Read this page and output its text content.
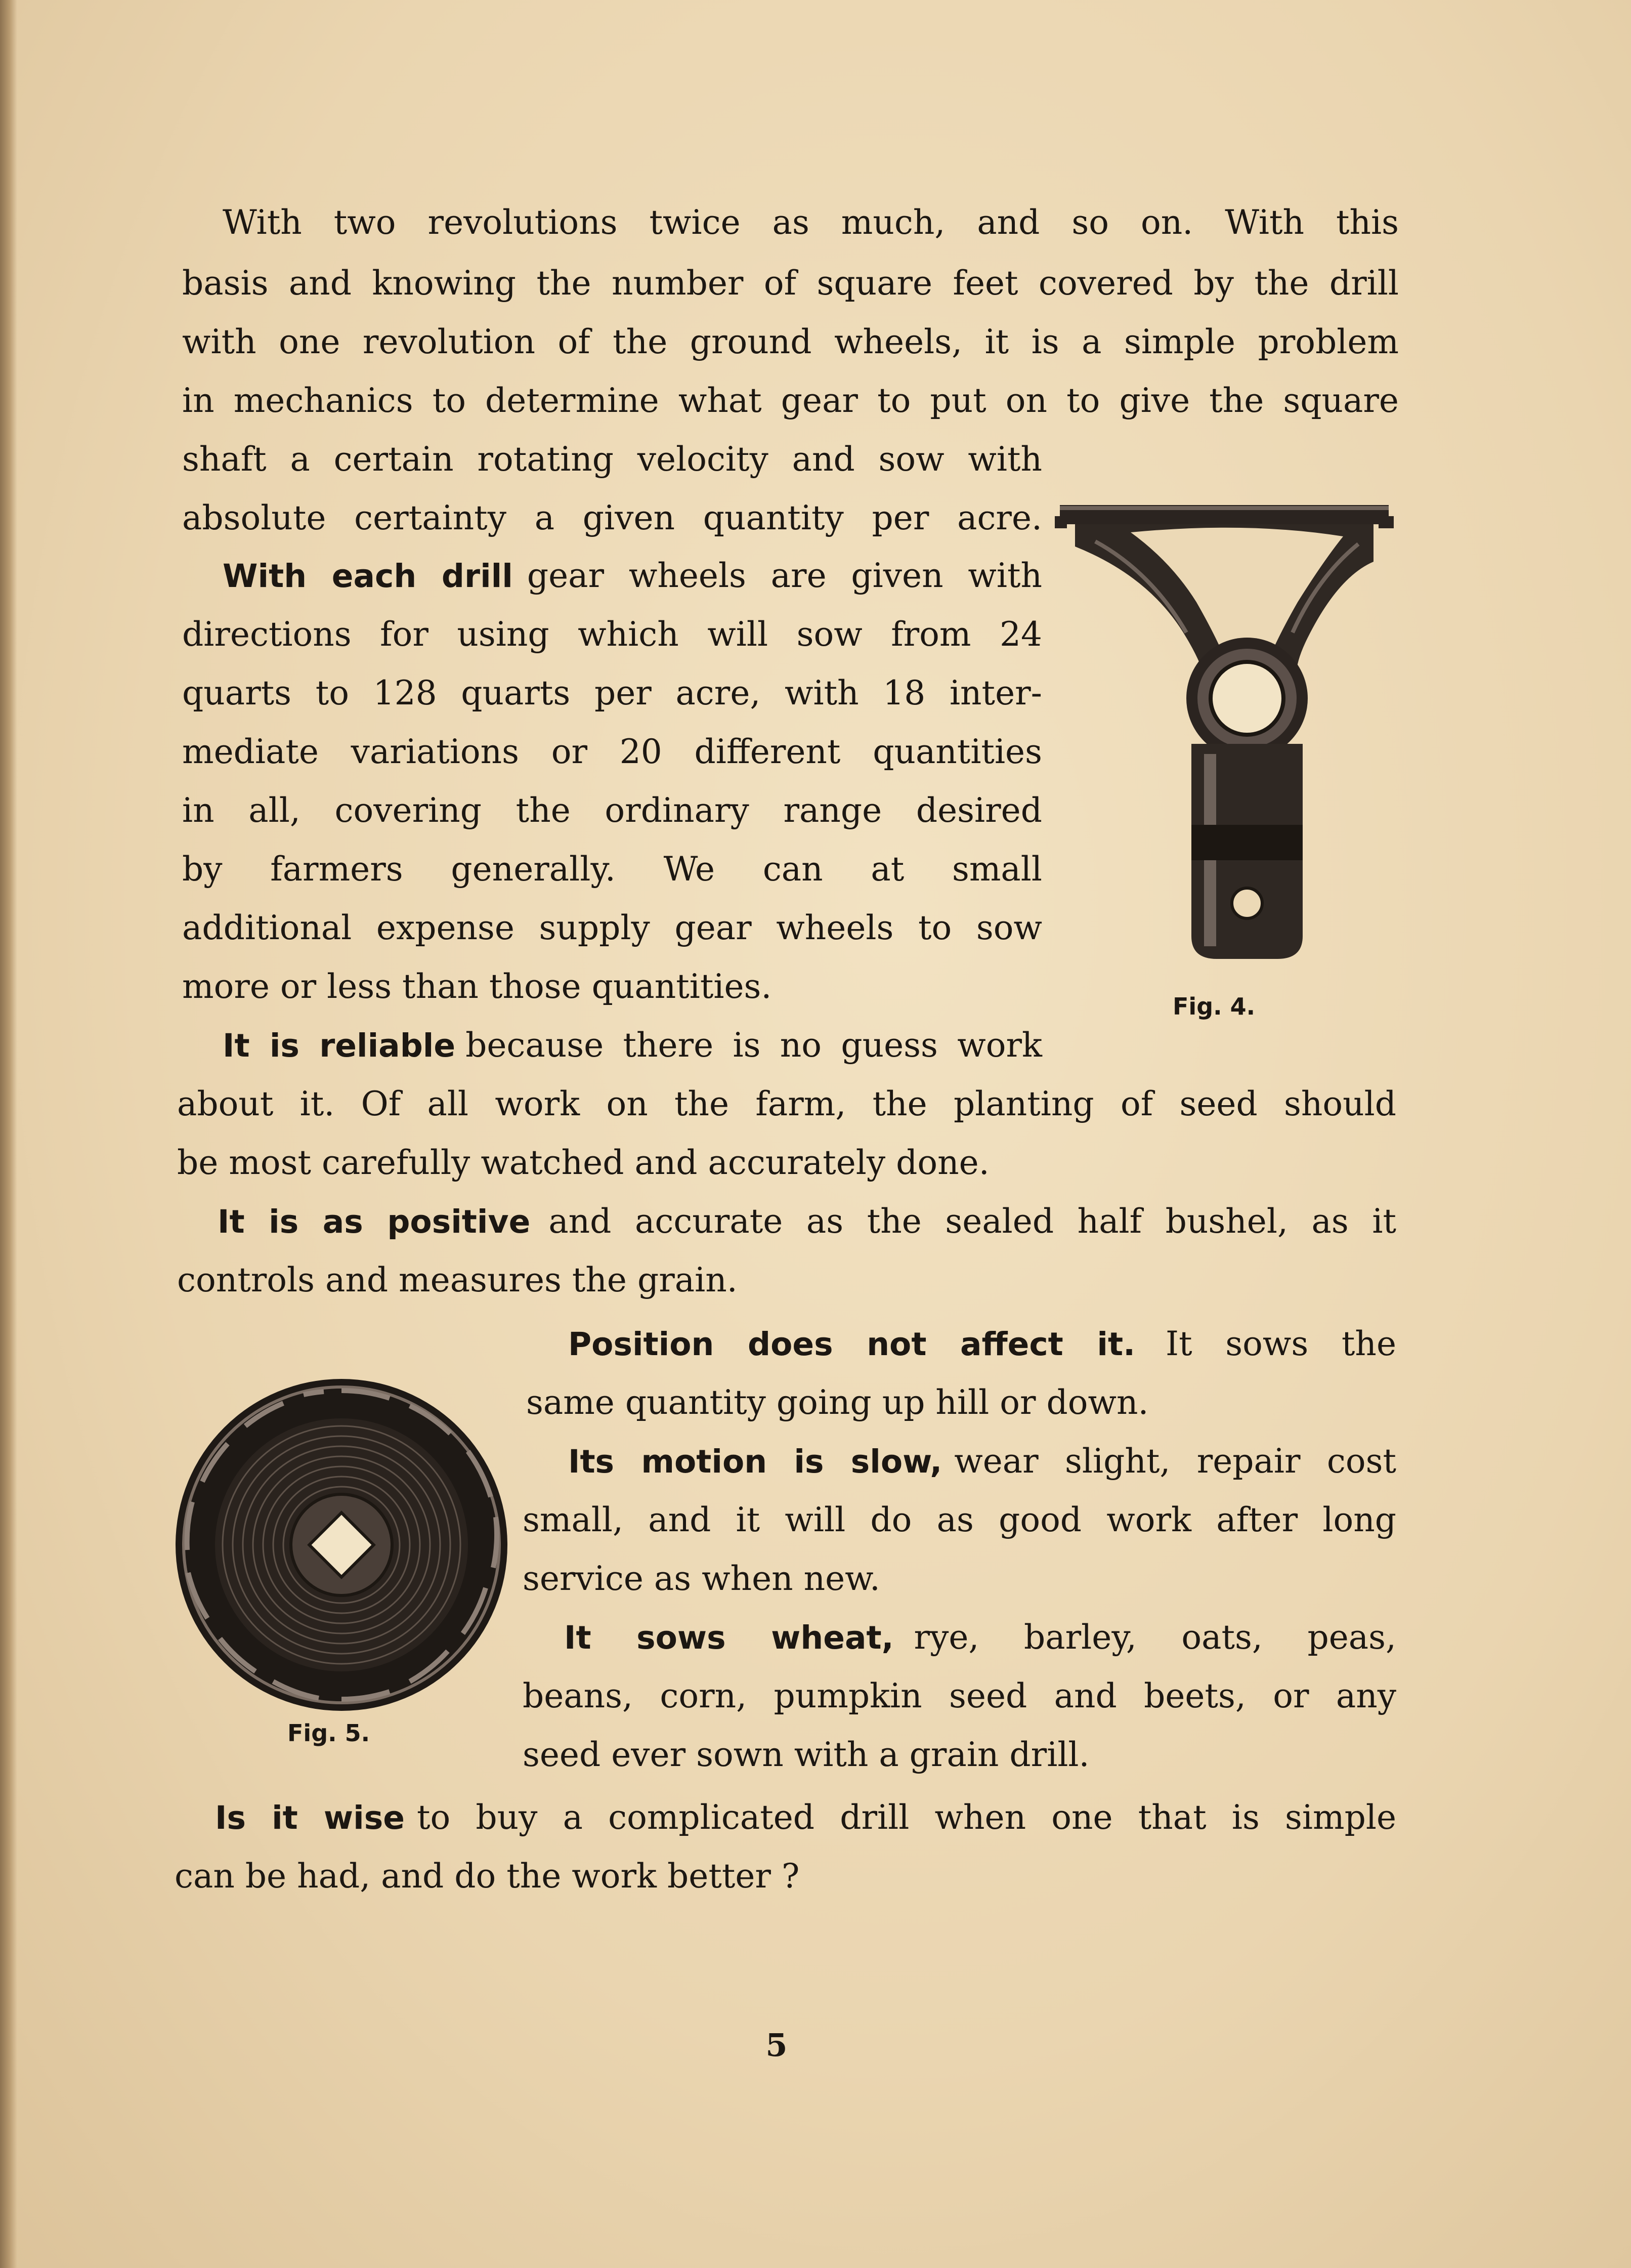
With two revolutions twice as much, and so on. With this
basis and knowing the number of square feet covered by the drill
with one revolution of the ground wheels, it is a simple problem
in mechanics to determine what gear to put on to give the square
shaft a certain rotating velocity and sow with
absolute certainty a given quantity per acre.
With each drill gear wheels are given with
directions for using which will sow from 24
quarts to 128 quarts per acre, with 18 inter-
mediate variations or 20 different quantities
in all, covering the ordinary range desired
by farmers generally. We can at small
additional expense supply gear wheels to sow
more or less than those quantities.
It is reliable because there is no guess work
about it. Of all work on the farm, the planting of seed should
be most carefully watched and accurately done.
It is as positive and accurate as the sealed half bushel, as it
controls and measures the grain.
Position does not affect it. It sows the
same quantity going up hill or down.
Its motion is slow, wear slight, repair cost
small, and it will do as good work after long
service as when new.
It sows wheat, rye, barley, oats, peas,
beans, corn, pumpkin seed and beets, or any
seed ever sown with a grain drill.
Is it wise to buy a complicated drill when one that is simple
can be had, and do the work better ?
Fig. 4.
Fig. 5.
5
